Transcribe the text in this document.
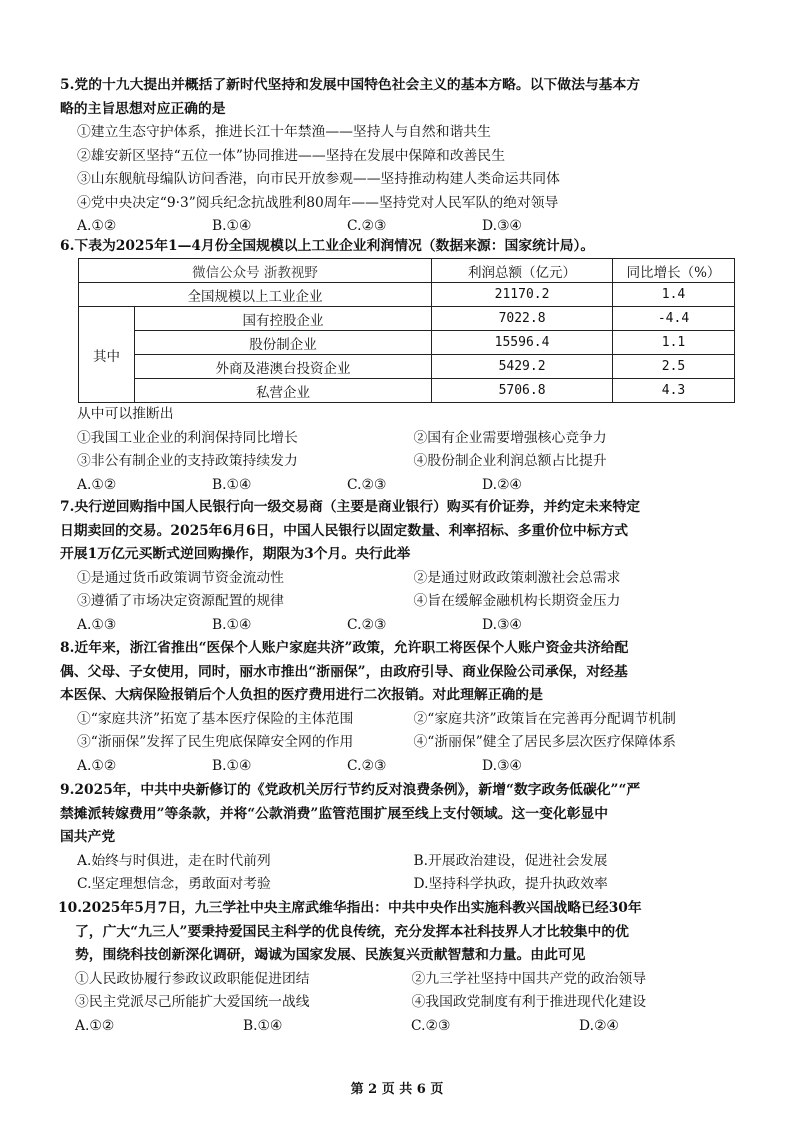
5.党的十九大提出并概括了新时代坚持和发展中国特色社会主义的基本方略。以下做法与基本方
略的主旨思想对应正确的是
①建立生态守护体系，推进长江十年禁渔——坚持人与自然和谐共生
②雄安新区坚持“五位一体”协同推进——坚持在发展中保障和改善民生
③山东舰航母编队访问香港，向市民开放参观——坚持推动构建人类命运共同体
④党中央决定“9·3”阅兵纪念抗战胜利80周年——坚持党对人民军队的绝对领导
A.①②	B.①④	C.②③	D.③④
6.下表为2025年1—4月份全国规模以上工业企业利润情况（数据来源：国家统计局）。
微信公众号 浙教视野		利润总额（亿元）	同比增长（%）
全国规模以上工业企业		21170.2	1.4
其中	国有控股企业	7022.8	-4.4
	股份制企业	15596.4	1.1
	外商及港澳台投资企业	5429.2	2.5
	私营企业	5706.8	4.3
从中可以推断出
①我国工业企业的利润保持同比增长	②国有企业需要增强核心竞争力
③非公有制企业的支持政策持续发力	④股份制企业利润总额占比提升
A.①②	B.①④	C.②③	D.②④
7.央行逆回购指中国人民银行向一级交易商（主要是商业银行）购买有价证券，并约定未来特定
日期卖回的交易。2025年6月6日，中国人民银行以固定数量、利率招标、多重价位中标方式
开展1万亿元买断式逆回购操作，期限为3个月。央行此举
①是通过货币政策调节资金流动性	②是通过财政政策刺激社会总需求
③遵循了市场决定资源配置的规律	④旨在缓解金融机构长期资金压力
A.①③	B.①④	C.②③	D.③④
8.近年来，浙江省推出“医保个人账户家庭共济”政策，允许职工将医保个人账户资金共济给配
偶、父母、子女使用，同时，丽水市推出“浙丽保”，由政府引导、商业保险公司承保，对经基
本医保、大病保险报销后个人负担的医疗费用进行二次报销。对此理解正确的是
①“家庭共济”拓宽了基本医疗保险的主体范围	②“家庭共济”政策旨在完善再分配调节机制
③“浙丽保”发挥了民生兜底保障安全网的作用	④“浙丽保”健全了居民多层次医疗保障体系
A.①②	B.①④	C.②③	D.③④
9.2025年，中共中央新修订的《党政机关厉行节约反对浪费条例》，新增“数字政务低碳化”“严
禁摊派转嫁费用”等条款，并将“公款消费”监管范围扩展至线上支付领域。这一变化彰显中
国共产党
A.始终与时俱进，走在时代前列	B.开展政治建设，促进社会发展
C.坚定理想信念，勇敢面对考验	D.坚持科学执政，提升执政效率
10.2025年5月7日，九三学社中央主席武维华指出：中共中央作出实施科教兴国战略已经30年
了，广大“九三人”要秉持爱国民主科学的优良传统，充分发挥本社科技界人才比较集中的优
势，围绕科技创新深化调研，竭诚为国家发展、民族复兴贡献智慧和力量。由此可见
①人民政协履行参政议政职能促进团结	②九三学社坚持中国共产党的政治领导
③民主党派尽己所能扩大爱国统一战线	④我国政党制度有利于推进现代化建设
A.①②	B.①④	C.②③	D.②④
第 2 页 共 6 页
